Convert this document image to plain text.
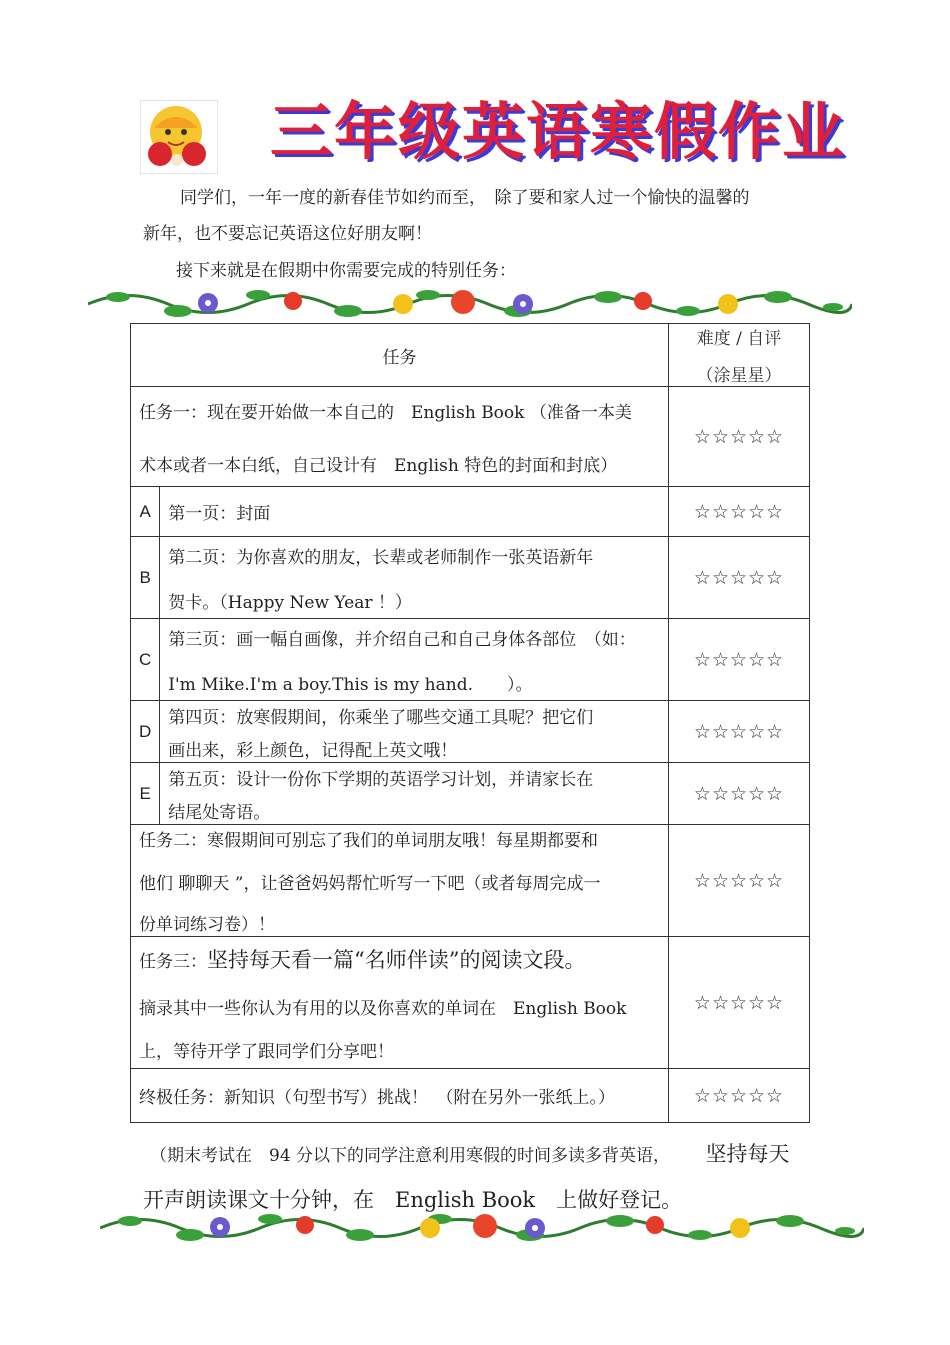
三年级英语寒假作业
同学们，一年一度的新春佳节如约而至，　除了要和家人过一个愉快的温馨的
新年，也不要忘记英语这位好朋友啊！
接下来就是在假期中你需要完成的特别任务：
任务		难度 / 自评
（涂星星）

任务一：现在要开始做一本自己的　English Book （准备一本美
术本或者一本白纸，自己设计有　English 特色的封面和封底）		☆☆☆☆☆
A	第一页：封面	☆☆☆☆☆
B	第二页：为你喜欢的朋友，长辈或老师制作一张英语新年
贺卡。（Happy New Year ！）	☆☆☆☆☆
C	第三页：画一幅自画像，并介绍自己和自己身体各部位　（如：
I'm Mike.I'm a boy.This is my hand.　　）。	☆☆☆☆☆
D	第四页：放寒假期间，你乘坐了哪些交通工具呢？把它们
画出来，彩上颜色，记得配上英文哦！	☆☆☆☆☆
E	第五页：设计一份你下学期的英语学习计划，并请家长在
结尾处寄语。	☆☆☆☆☆

任务二：寒假期间可别忘了我们的单词朋友哦！每星期都要和
他们 聊聊天 ”，让爸爸妈妈帮忙听写一下吧（或者每周完成一
份单词练习卷）！		☆☆☆☆☆

任务三：坚持每天看一篇“名师伴读”的阅读文段。
摘录其中一些你认为有用的以及你喜欢的单词在　English Book
上，等待开学了跟同学们分享吧！		☆☆☆☆☆
终极任务：新知识（句型书写）挑战！　（附在另外一张纸上。）		☆☆☆☆☆
（期末考试在　94 分以下的同学注意利用寒假的时间多读多背英语， 坚持每天
开声朗读课文十分钟，在　English Book　上做好登记。
